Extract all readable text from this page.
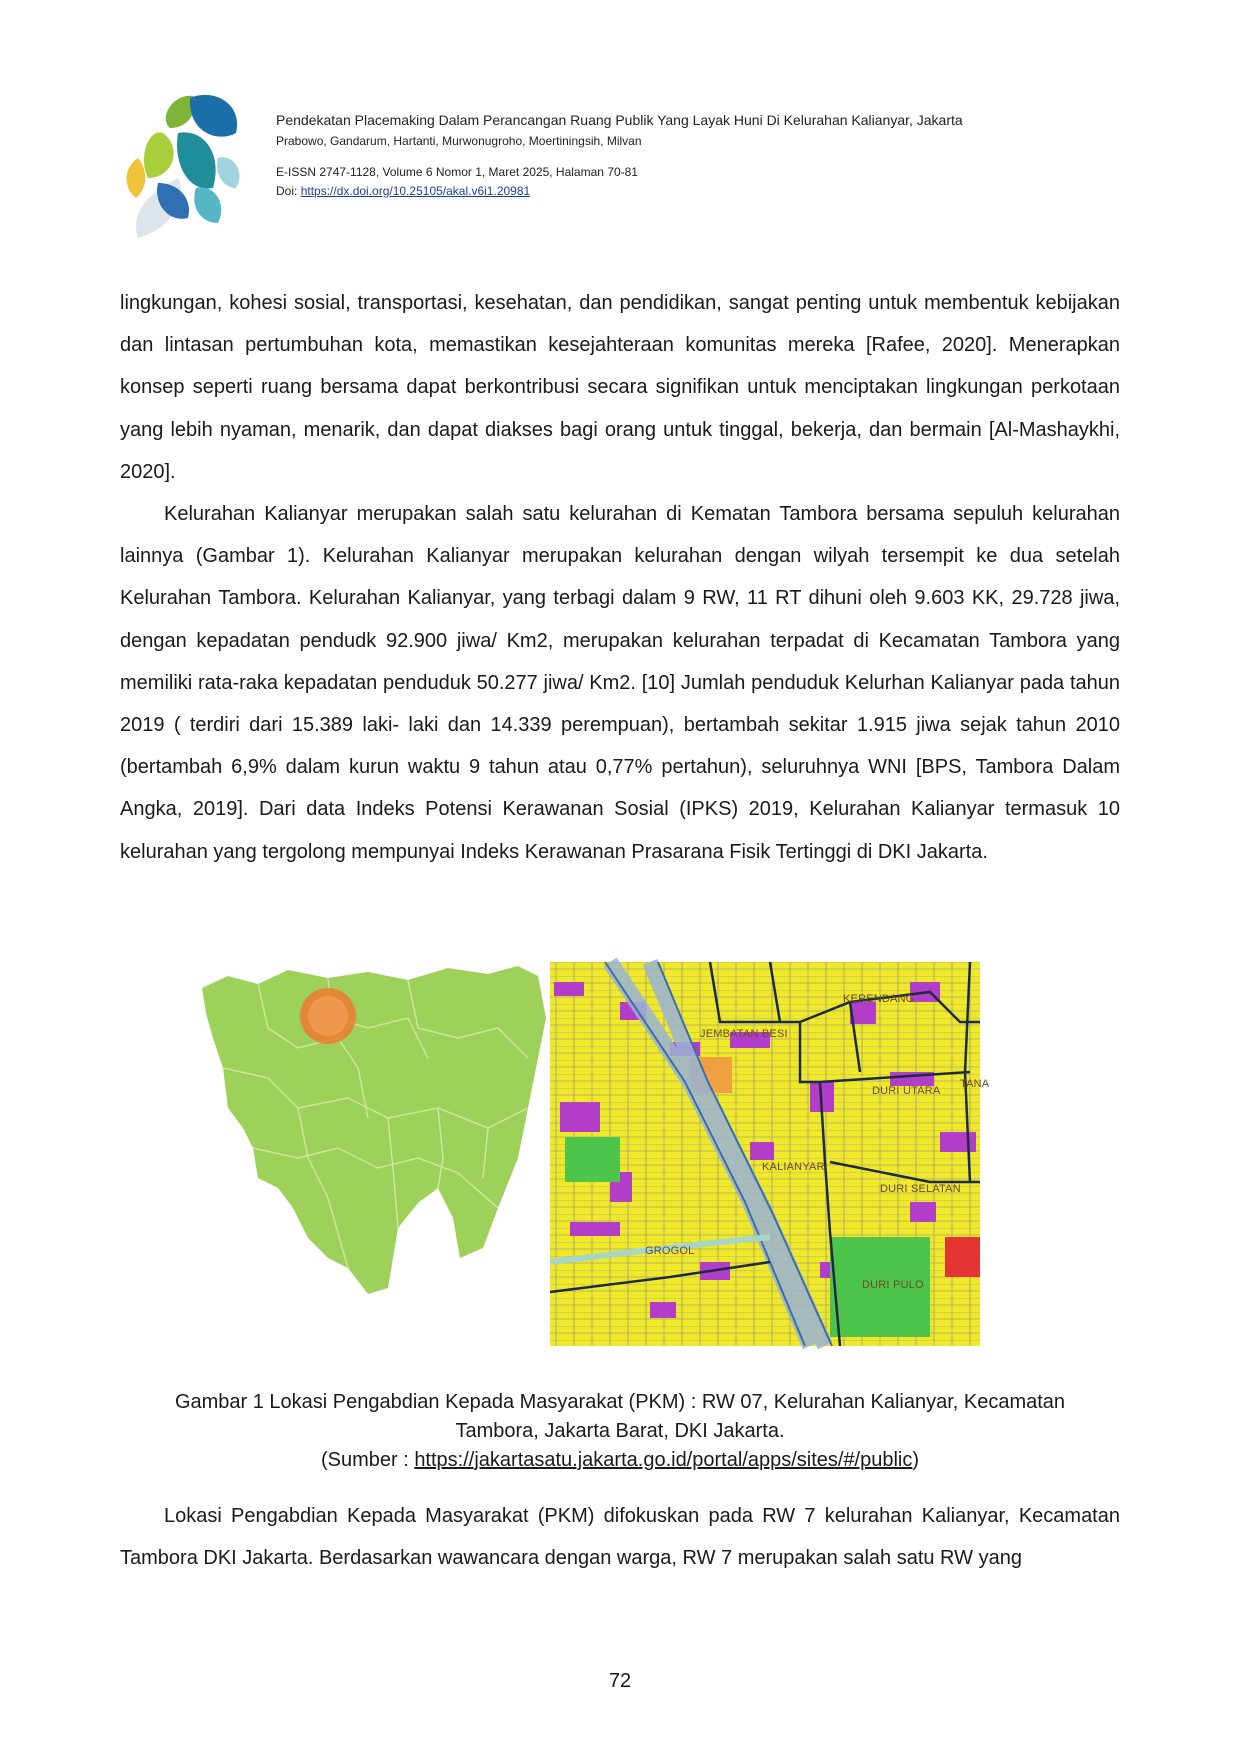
Pendekatan Placemaking Dalam Perancangan Ruang Publik Yang Layak Huni Di Kelurahan Kalianyar, Jakarta
Prabowo, Gandarum, Hartanti, Murwonugroho, Moertiningsih, Milvan
E-ISSN 2747-1128, Volume 6 Nomor 1, Maret 2025, Halaman 70-81
Doi: https://dx.doi.org/10.25105/akal.v6i1.20981

lingkungan, kohesi sosial, transportasi, kesehatan, dan pendidikan, sangat penting untuk membentuk kebijakan dan lintasan pertumbuhan kota, memastikan kesejahteraan komunitas mereka [Rafee, 2020]. Menerapkan konsep seperti ruang bersama dapat berkontribusi secara signifikan untuk menciptakan lingkungan perkotaan yang lebih nyaman, menarik, dan dapat diakses bagi orang untuk tinggal, bekerja, dan bermain [Al-Mashaykhi, 2020].

Kelurahan Kalianyar merupakan salah satu kelurahan di Kematan Tambora bersama sepuluh kelurahan lainnya (Gambar 1). Kelurahan Kalianyar merupakan kelurahan dengan wilyah tersempit ke dua setelah Kelurahan Tambora. Kelurahan Kalianyar, yang terbagi dalam 9 RW, 11 RT dihuni oleh 9.603 KK, 29.728 jiwa, dengan kepadatan pendudk 92.900 jiwa/ Km2, merupakan kelurahan terpadat di Kecamatan Tambora yang memiliki rata-raka kepadatan penduduk 50.277 jiwa/ Km2. [10] Jumlah penduduk Kelurhan Kalianyar pada tahun 2019 ( terdiri dari 15.389 laki- laki dan 14.339 perempuan), bertambah sekitar 1.915 jiwa sejak tahun 2010 (bertambah 6,9% dalam kurun waktu 9 tahun atau 0,77% pertahun), seluruhnya WNI [BPS, Tambora Dalam Angka, 2019]. Dari data Indeks Potensi Kerawanan Sosial (IPKS) 2019, Kelurahan Kalianyar termasuk 10 kelurahan yang tergolong mempunyai Indeks Kerawanan Prasarana Fisik Tertinggi di DKI Jakarta.

KERENDANG
JEMBATAN BESI
DURI UTARA
TANA
KALIANYAR
DURI SELATAN
GROGOL
DURI PULO
Gambar 1 Lokasi Pengabdian Kepada Masyarakat (PKM) : RW 07, Kelurahan Kalianyar, Kecamatan Tambora, Jakarta Barat, DKI Jakarta.
(Sumber : https://jakartasatu.jakarta.go.id/portal/apps/sites/#/public)

Lokasi Pengabdian Kepada Masyarakat (PKM) difokuskan pada RW 7 kelurahan Kalianyar, Kecamatan Tambora DKI Jakarta. Berdasarkan wawancara dengan warga, RW 7 merupakan salah satu RW yang

72
